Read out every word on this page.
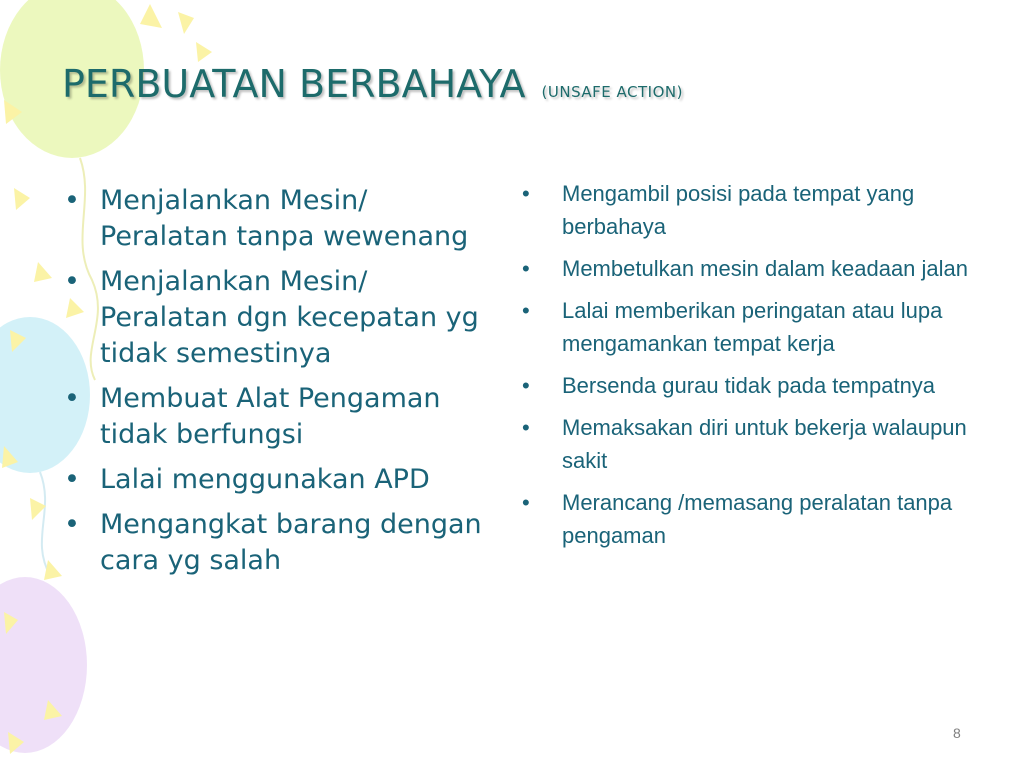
PERBUATAN BERBAHAYA (UNSAFE ACTION)
• Menjalankan Mesin/ Peralatan tanpa wewenang
• Menjalankan Mesin/ Peralatan dgn kecepatan yg tidak semestinya
• Membuat Alat Pengaman tidak berfungsi
• Lalai menggunakan APD
• Mengangkat barang dengan cara yg salah
• Mengambil posisi pada tempat yang berbahaya
• Membetulkan mesin dalam keadaan jalan
• Lalai memberikan peringatan atau lupa mengamankan tempat kerja
• Bersenda gurau tidak pada tempatnya
• Memaksakan diri untuk bekerja walaupun sakit
• Merancang /memasang peralatan tanpa pengaman
8
